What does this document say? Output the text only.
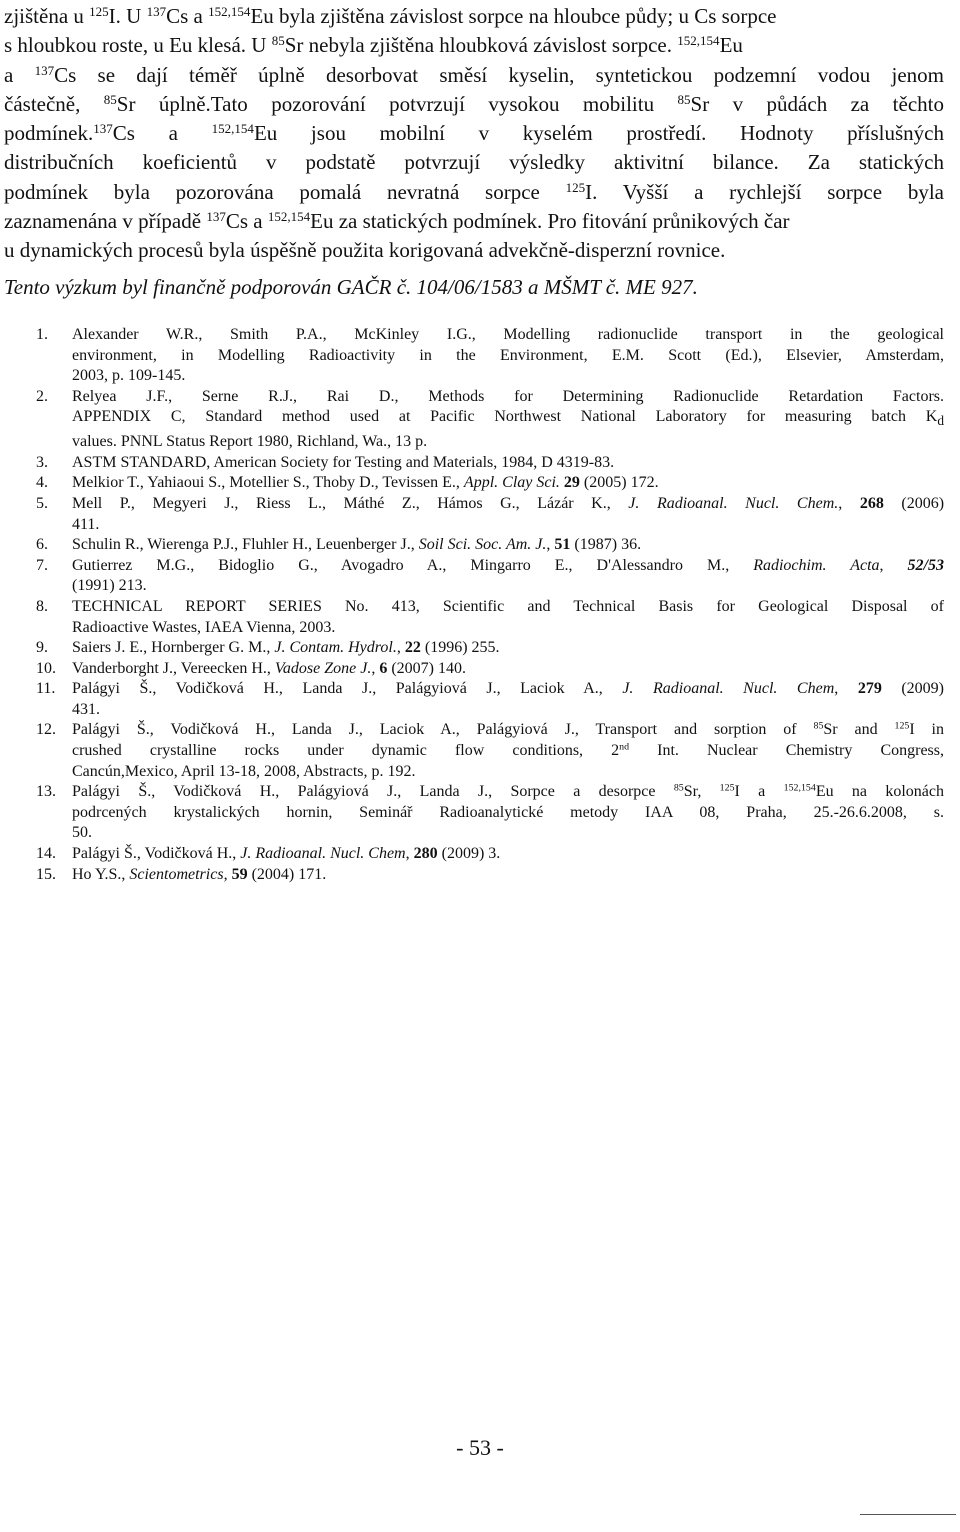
zjištěna u $^{125}$I. U $^{137}$Cs a $^{152,154}$Eu byla zjištěna závislost sorpce na hloubce půdy; u Cs sorpce
s hloubkou roste, u Eu klesá. U $^{85}$Sr nebyla zjištěna hloubková závislost sorpce. $^{152,154}$Eu
a $^{137}$Cs se dají téměř úplně desorbovat směsí kyselin, syntetickou podzemní vodou jenom
částečně, $^{85}$Sr úplně.Tato pozorování potvrzují vysokou mobilitu $^{85}$Sr v půdách za těchto
podmínek.$^{137}$Cs a $^{152,154}$Eu jsou mobilní v kyselém prostředí. Hodnoty příslušných
distribučních koeficientů v podstatě potvrzují výsledky aktivitní bilance. Za statických
podmínek byla pozorována pomalá nevratná sorpce $^{125}$I. Vyšší a rychlejší sorpce byla
zaznamenána v případě $^{137}$Cs a $^{152,154}$Eu za statických podmínek. Pro fitování průnikových čar
u dynamických procesů byla úspěšně použita korigovaná advekčně-disperzní rovnice.
Tento výzkum byl finančně podporován GAČR č. 104/06/1583 a MŠMT č. ME 927.
1. Alexander W.R., Smith P.A., McKinley I.G., Modelling radionuclide transport in the geological
environment, in Modelling Radioactivity in the Environment, E.M. Scott (Ed.), Elsevier, Amsterdam,
2003, p. 109-145.
2. Relyea J.F., Serne R.J., Rai D., Methods for Determining Radionuclide Retardation Factors.
APPENDIX C, Standard method used at Pacific Northwest National Laboratory for measuring batch $K_d$
values. PNNL Status Report 1980, Richland, Wa., 13 p.
3. ASTM STANDARD, American Society for Testing and Materials, 1984, D 4319-83.
4. Melkior T., Yahiaoui S., Motellier S., Thoby D., Tevissen E., Appl. Clay Sci. 29 (2005) 172.
5. Mell P., Megyeri J., Riess L., Máthé Z., Hámos G., Lázár K., J. Radioanal. Nucl. Chem., 268 (2006)
411.
6. Schulin R., Wierenga P.J., Fluhler H., Leuenberger J., Soil Sci. Soc. Am. J., 51 (1987) 36.
7. Gutierrez M.G., Bidoglio G., Avogadro A., Mingarro E., D'Alessandro M., Radiochim. Acta, 52/53
(1991) 213.
8. TECHNICAL REPORT SERIES No. 413, Scientific and Technical Basis for Geological Disposal of
Radioactive Wastes, IAEA Vienna, 2003.
9. Saiers J. E., Hornberger G. M., J. Contam. Hydrol., 22 (1996) 255.
10. Vanderborght J., Vereecken H., Vadose Zone J., 6 (2007) 140.
11. Palágyi Š., Vodičková H., Landa J., Palágyiová J., Laciok A., J. Radioanal. Nucl. Chem, 279 (2009)
431.
12. Palágyi Š., Vodičková H., Landa J., Laciok A., Palágyiová J., Transport and sorption of $^{85}$Sr and $^{125}$I in
crushed crystalline rocks under dynamic flow conditions, 2nd Int. Nuclear Chemistry Congress,
Cancún,Mexico, April 13-18, 2008, Abstracts, p. 192.
13. Palágyi Š., Vodičková H., Palágyiová J., Landa J., Sorpce a desorpce $^{85}$Sr, $^{125}$I a $^{152,154}$Eu na kolonách
podrcených krystalických hornin, Seminář Radioanalytické metody IAA 08, Praha, 25.-26.6.2008, s.
50.
14. Palágyi Š., Vodičková H., J. Radioanal. Nucl. Chem, 280 (2009) 3.
15. Ho Y.S., Scientometrics, 59 (2004) 171.
- 53 -
